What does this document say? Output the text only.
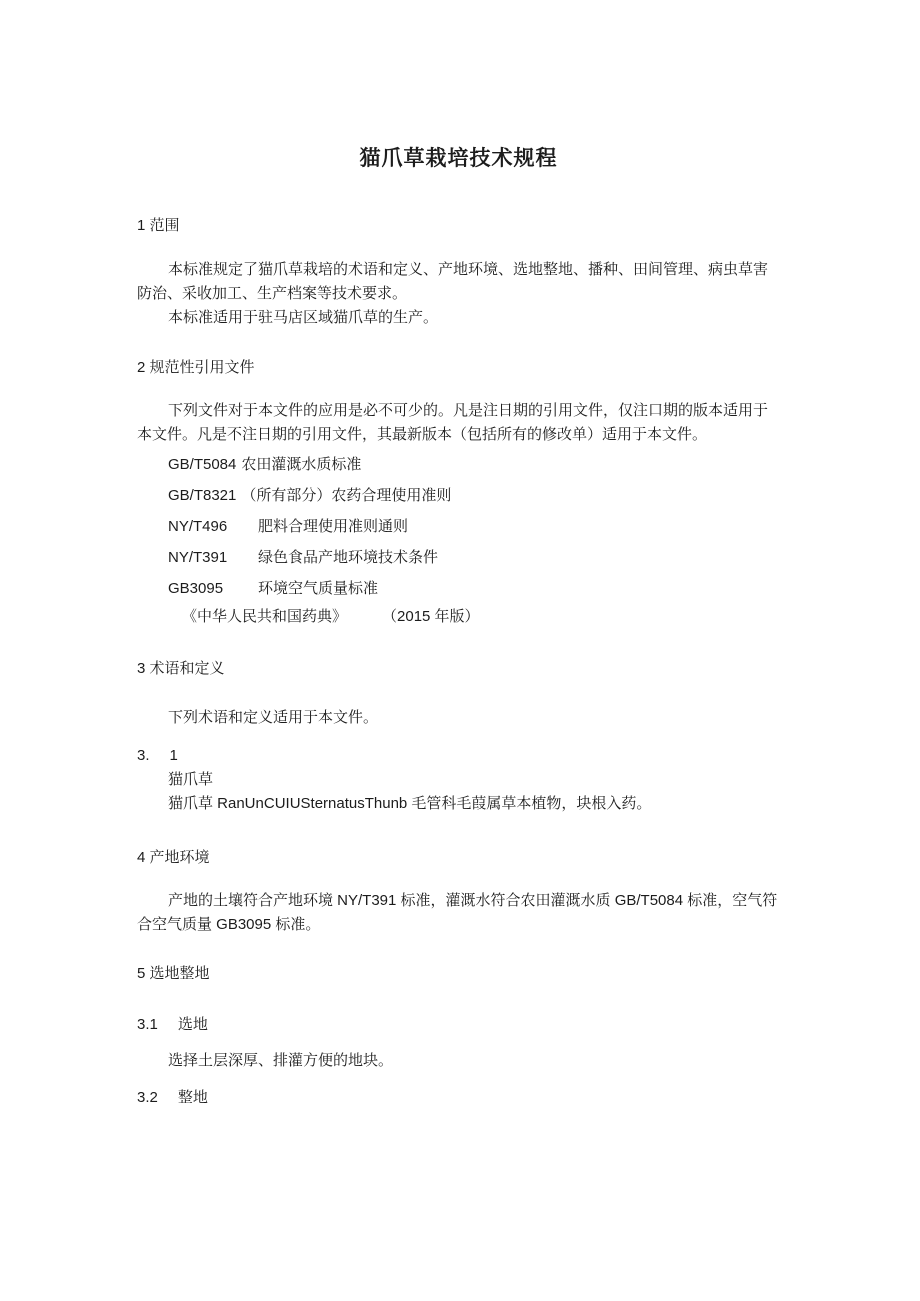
猫爪草栽培技术规程
1 范围
本标准规定了猫爪草栽培的术语和定义、产地环境、选地整地、播种、田间管理、病虫草害
防治、采收加工、生产档案等技术要求。
本标准适用于驻马店区域猫爪草的生产。
2 规范性引用文件
下列文件对于本文件的应用是必不可少的。凡是注日期的引用文件，仅注口期的版本适用于
本文件。凡是不注日期的引用文件，其最新版本（包括所有的修改单）适用于本文件。
GB/T5084 农田灌溉水质标准
GB/T8321 （所有部分）农药合理使用准则
NY/T496	肥料合理使用准则通则
NY/T391	绿色食品产地环境技术条件
GB3095	环境空气质量标准
《中华人民共和国药典》 （2015 年版）
3 术语和定义
下列术语和定义适用于本文件。
3. 1
猫爪草
猫爪草 RanUnCUIUSternatusThunb 毛管科毛葭属草本植物，块根入药。
4 产地环境
产地的土壤符合产地环境 NY/T391 标准，灌溉水符合农田灌溉水质 GB/T5084 标准，空气符
合空气质量 GB3095 标准。
5 选地整地
3.1 选地
选择土层深厚、排灌方便的地块。
3.2 整地
